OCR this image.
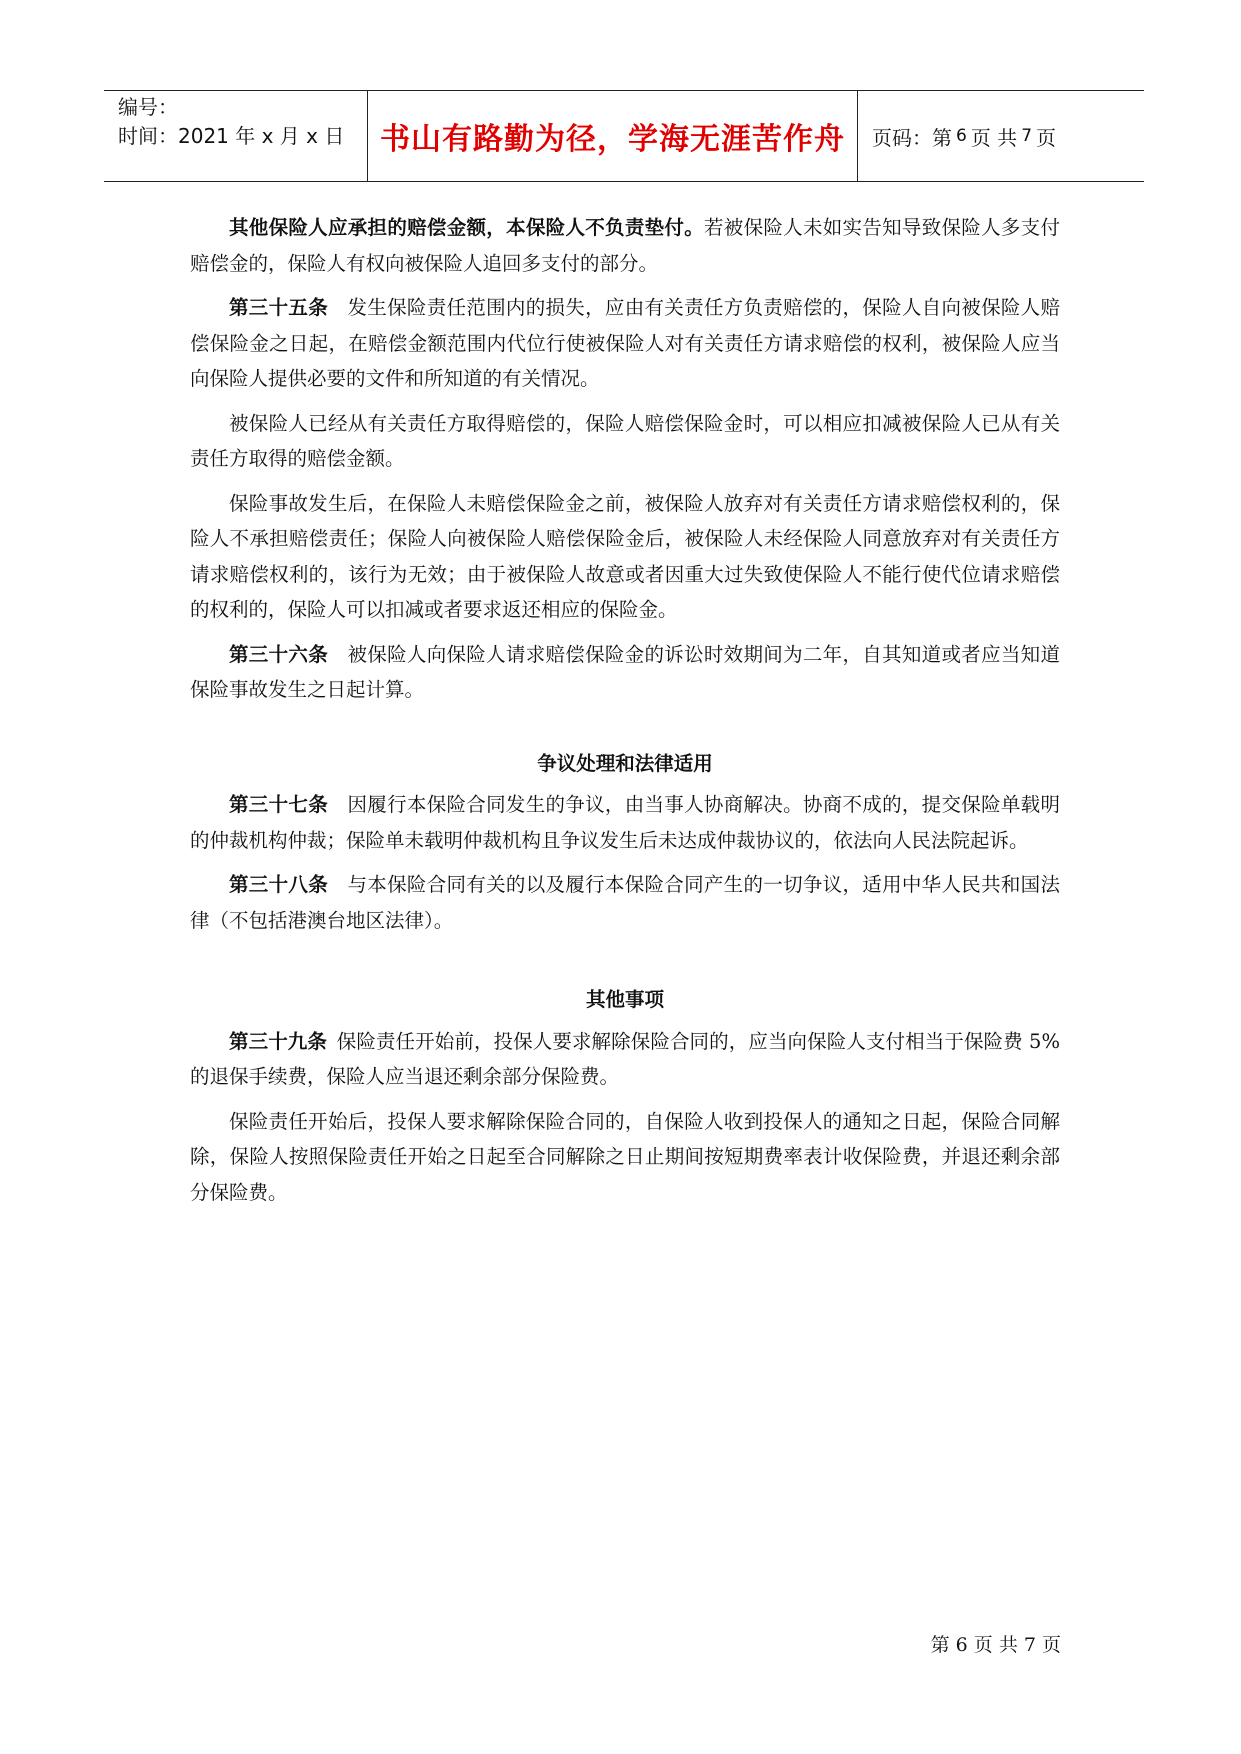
编号：
时间：2021 年 x 月 x 日	书山有路勤为径，学海无涯苦作舟	页码：第 6 页 共 7 页

其他保险人应承担的赔偿金额，本保险人不负责垫付。若被保险人未如实告知导致保险人多支付赔偿金的，保险人有权向被保险人追回多支付的部分。

第三十五条 发生保险责任范围内的损失，应由有关责任方负责赔偿的，保险人自向被保险人赔偿保险金之日起，在赔偿金额范围内代位行使被保险人对有关责任方请求赔偿的权利，被保险人应当向保险人提供必要的文件和所知道的有关情况。

被保险人已经从有关责任方取得赔偿的，保险人赔偿保险金时，可以相应扣减被保险人已从有关责任方取得的赔偿金额。

保险事故发生后，在保险人未赔偿保险金之前，被保险人放弃对有关责任方请求赔偿权利的，保险人不承担赔偿责任；保险人向被保险人赔偿保险金后，被保险人未经保险人同意放弃对有关责任方请求赔偿权利的，该行为无效；由于被保险人故意或者因重大过失致使保险人不能行使代位请求赔偿的权利的，保险人可以扣减或者要求返还相应的保险金。

第三十六条 被保险人向保险人请求赔偿保险金的诉讼时效期间为二年，自其知道或者应当知道保险事故发生之日起计算。

争议处理和法律适用

第三十七条 因履行本保险合同发生的争议，由当事人协商解决。协商不成的，提交保险单载明的仲裁机构仲裁；保险单未载明仲裁机构且争议发生后未达成仲裁协议的，依法向人民法院起诉。

第三十八条 与本保险合同有关的以及履行本保险合同产生的一切争议，适用中华人民共和国法律（不包括港澳台地区法律）。

其他事项

第三十九条 保险责任开始前，投保人要求解除保险合同的，应当向保险人支付相当于保险费 5%的退保手续费，保险人应当退还剩余部分保险费。

保险责任开始后，投保人要求解除保险合同的，自保险人收到投保人的通知之日起，保险合同解除，保险人按照保险责任开始之日起至合同解除之日止期间按短期费率表计收保险费，并退还剩余部分保险费。

第 6 页 共 7 页
